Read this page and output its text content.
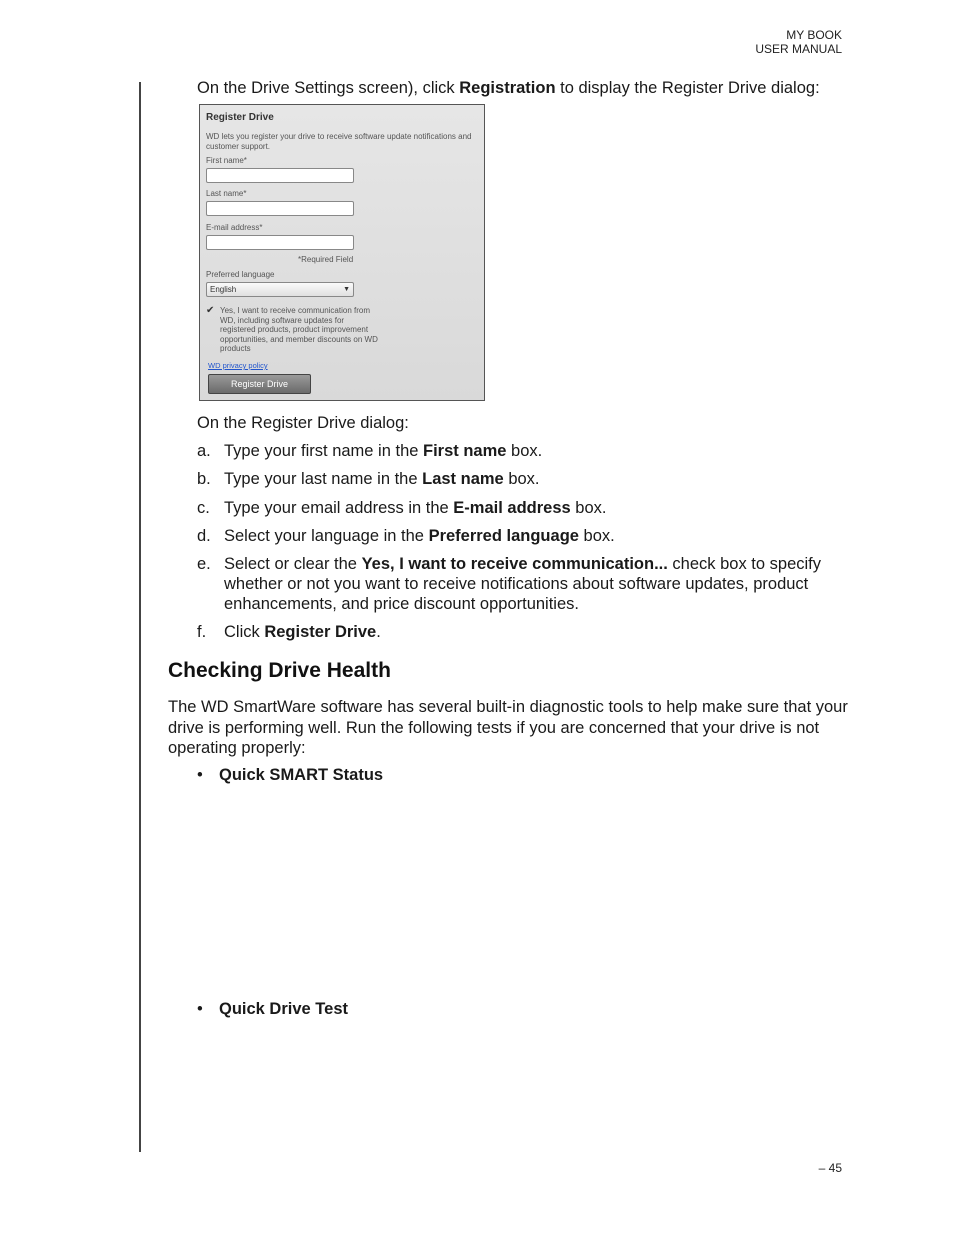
MY BOOK
USER MANUAL
On the Drive Settings screen), click Registration to display the Register Drive dialog:
Register Drive
WD lets you register your drive to receive software update notifications and customer support.
First name*
Last name*
E-mail address*
*Required Field
Preferred language
English	▼
✔ Yes, I want to receive communication from WD, including software updates for registered products, product improvement opportunities, and member discounts on WD products
WD privacy policy
Register Drive
On the Register Drive dialog:
a. Type your first name in the First name box.
b. Type your last name in the Last name box.
c. Type your email address in the E-mail address box.
d. Select your language in the Preferred language box.
e. Select or clear the Yes, I want to receive communication... check box to specify whether or not you want to receive notifications about software updates, product enhancements, and price discount opportunities.
f. Click Register Drive.
Checking Drive Health
The WD SmartWare software has several built-in diagnostic tools to help make sure that your drive is performing well. Run the following tests if you are concerned that your drive is not operating properly:
• Quick SMART Status
• Quick Drive Test
– 45
